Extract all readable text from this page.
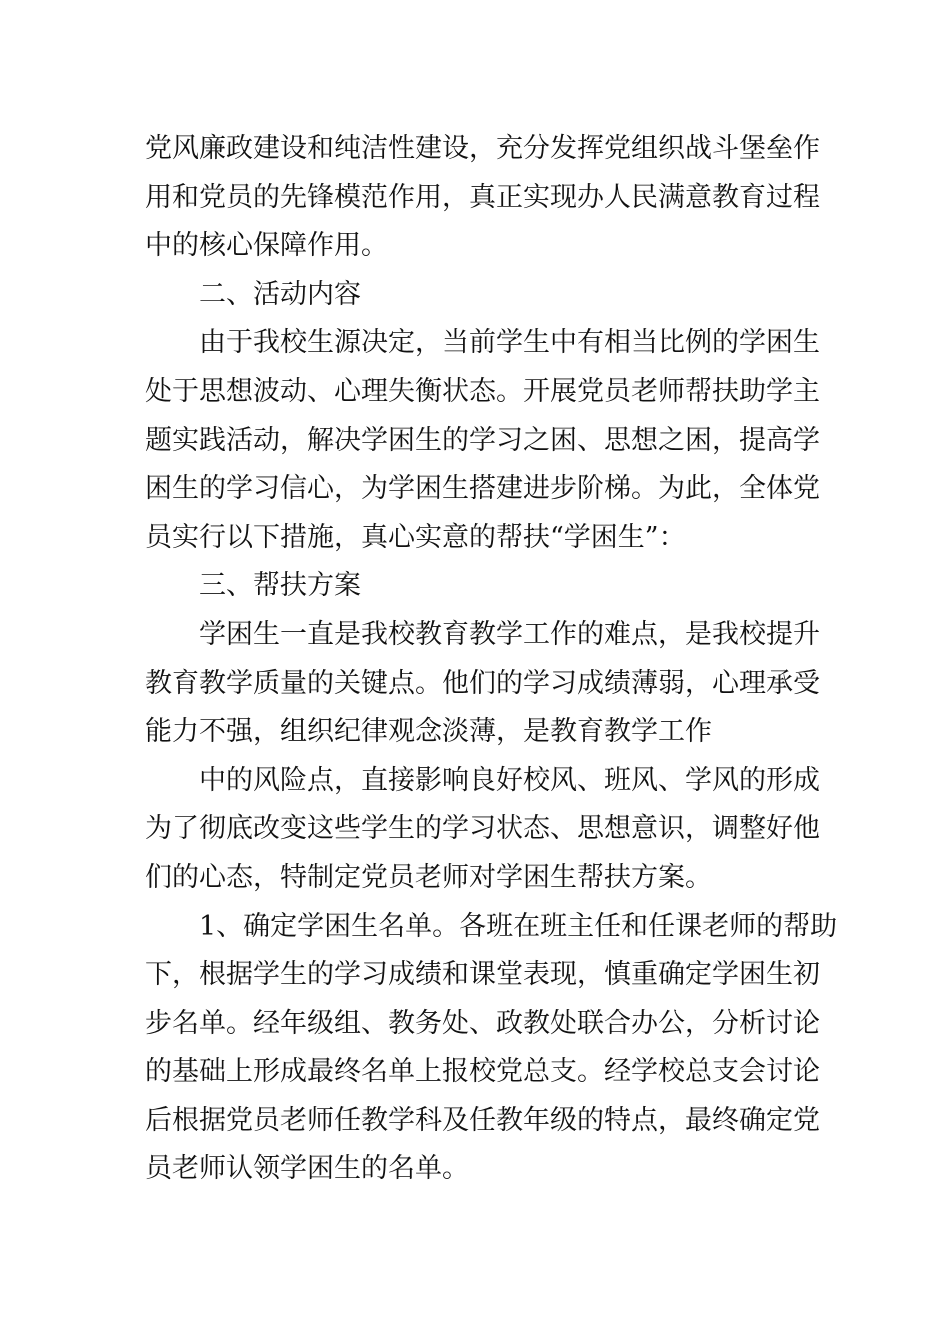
党风廉政建设和纯洁性建设，充分发挥党组织战斗堡垒作
用和党员的先锋模范作用，真正实现办人民满意教育过程
中的核心保障作用。
二、活动内容
由于我校生源决定，当前学生中有相当比例的学困生
处于思想波动、心理失衡状态。开展党员老师帮扶助学主
题实践活动，解决学困生的学习之困、思想之困，提高学
困生的学习信心，为学困生搭建进步阶梯。为此，全体党
员实行以下措施，真心实意的帮扶“学困生”：
三、帮扶方案
学困生一直是我校教育教学工作的难点，是我校提升
教育教学质量的关键点。他们的学习成绩薄弱，心理承受
能力不强，组织纪律观念淡薄，是教育教学工作
中的风险点，直接影响良好校风、班风、学风的形成
为了彻底改变这些学生的学习状态、思想意识，调整好他
们的心态，特制定党员老师对学困生帮扶方案。
1、确定学困生名单。各班在班主任和任课老师的帮助
下，根据学生的学习成绩和课堂表现，慎重确定学困生初
步名单。经年级组、教务处、政教处联合办公，分析讨论
的基础上形成最终名单上报校党总支。经学校总支会讨论
后根据党员老师任教学科及任教年级的特点，最终确定党
员老师认领学困生的名单。
